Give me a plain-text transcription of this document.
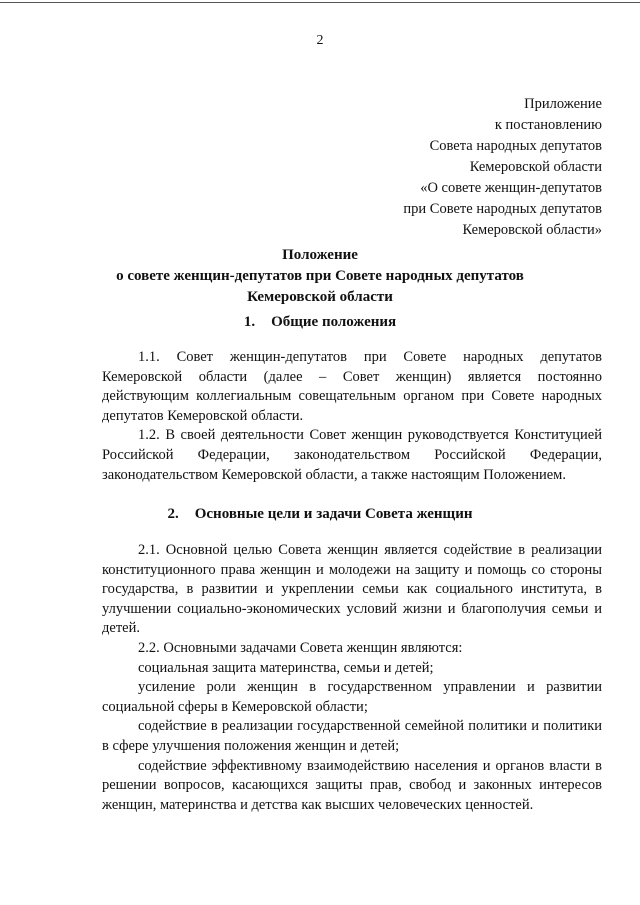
2
Приложение
к постановлению
Совета народных депутатов
Кемеровской области
«О совете женщин-депутатов
при Совете народных депутатов
Кемеровской области»
Положение
о совете женщин-депутатов при Совете народных депутатов
Кемеровской области
1. Общие положения

1.1. Совет женщин-депутатов при Совете народных депутатов Кемеровской области (далее – Совет женщин) является постоянно действующим коллегиальным совещательным органом при Совете народных депутатов Кемеровской области.

1.2. В своей деятельности Совет женщин руководствуется Конституцией Российской Федерации, законодательством Российской Федерации, законодательством Кемеровской области, а также настоящим Положением.

2. Основные цели и задачи Совета женщин

2.1. Основной целью Совета женщин является содействие в реализации конституционного права женщин и молодежи на защиту и помощь со стороны государства, в развитии и укреплении семьи как социального института, в улучшении социально-экономических условий жизни и благополучия семьи и детей.

2.2. Основными задачами Совета женщин являются:

социальная защита материнства, семьи и детей;

усиление роли женщин в государственном управлении и развитии социальной сферы в Кемеровской области;

содействие в реализации государственной семейной политики и политики в сфере улучшения положения женщин и детей;

содействие эффективному взаимодействию населения и органов власти в решении вопросов, касающихся защиты прав, свобод и законных интересов женщин, материнства и детства как высших человеческих ценностей.
